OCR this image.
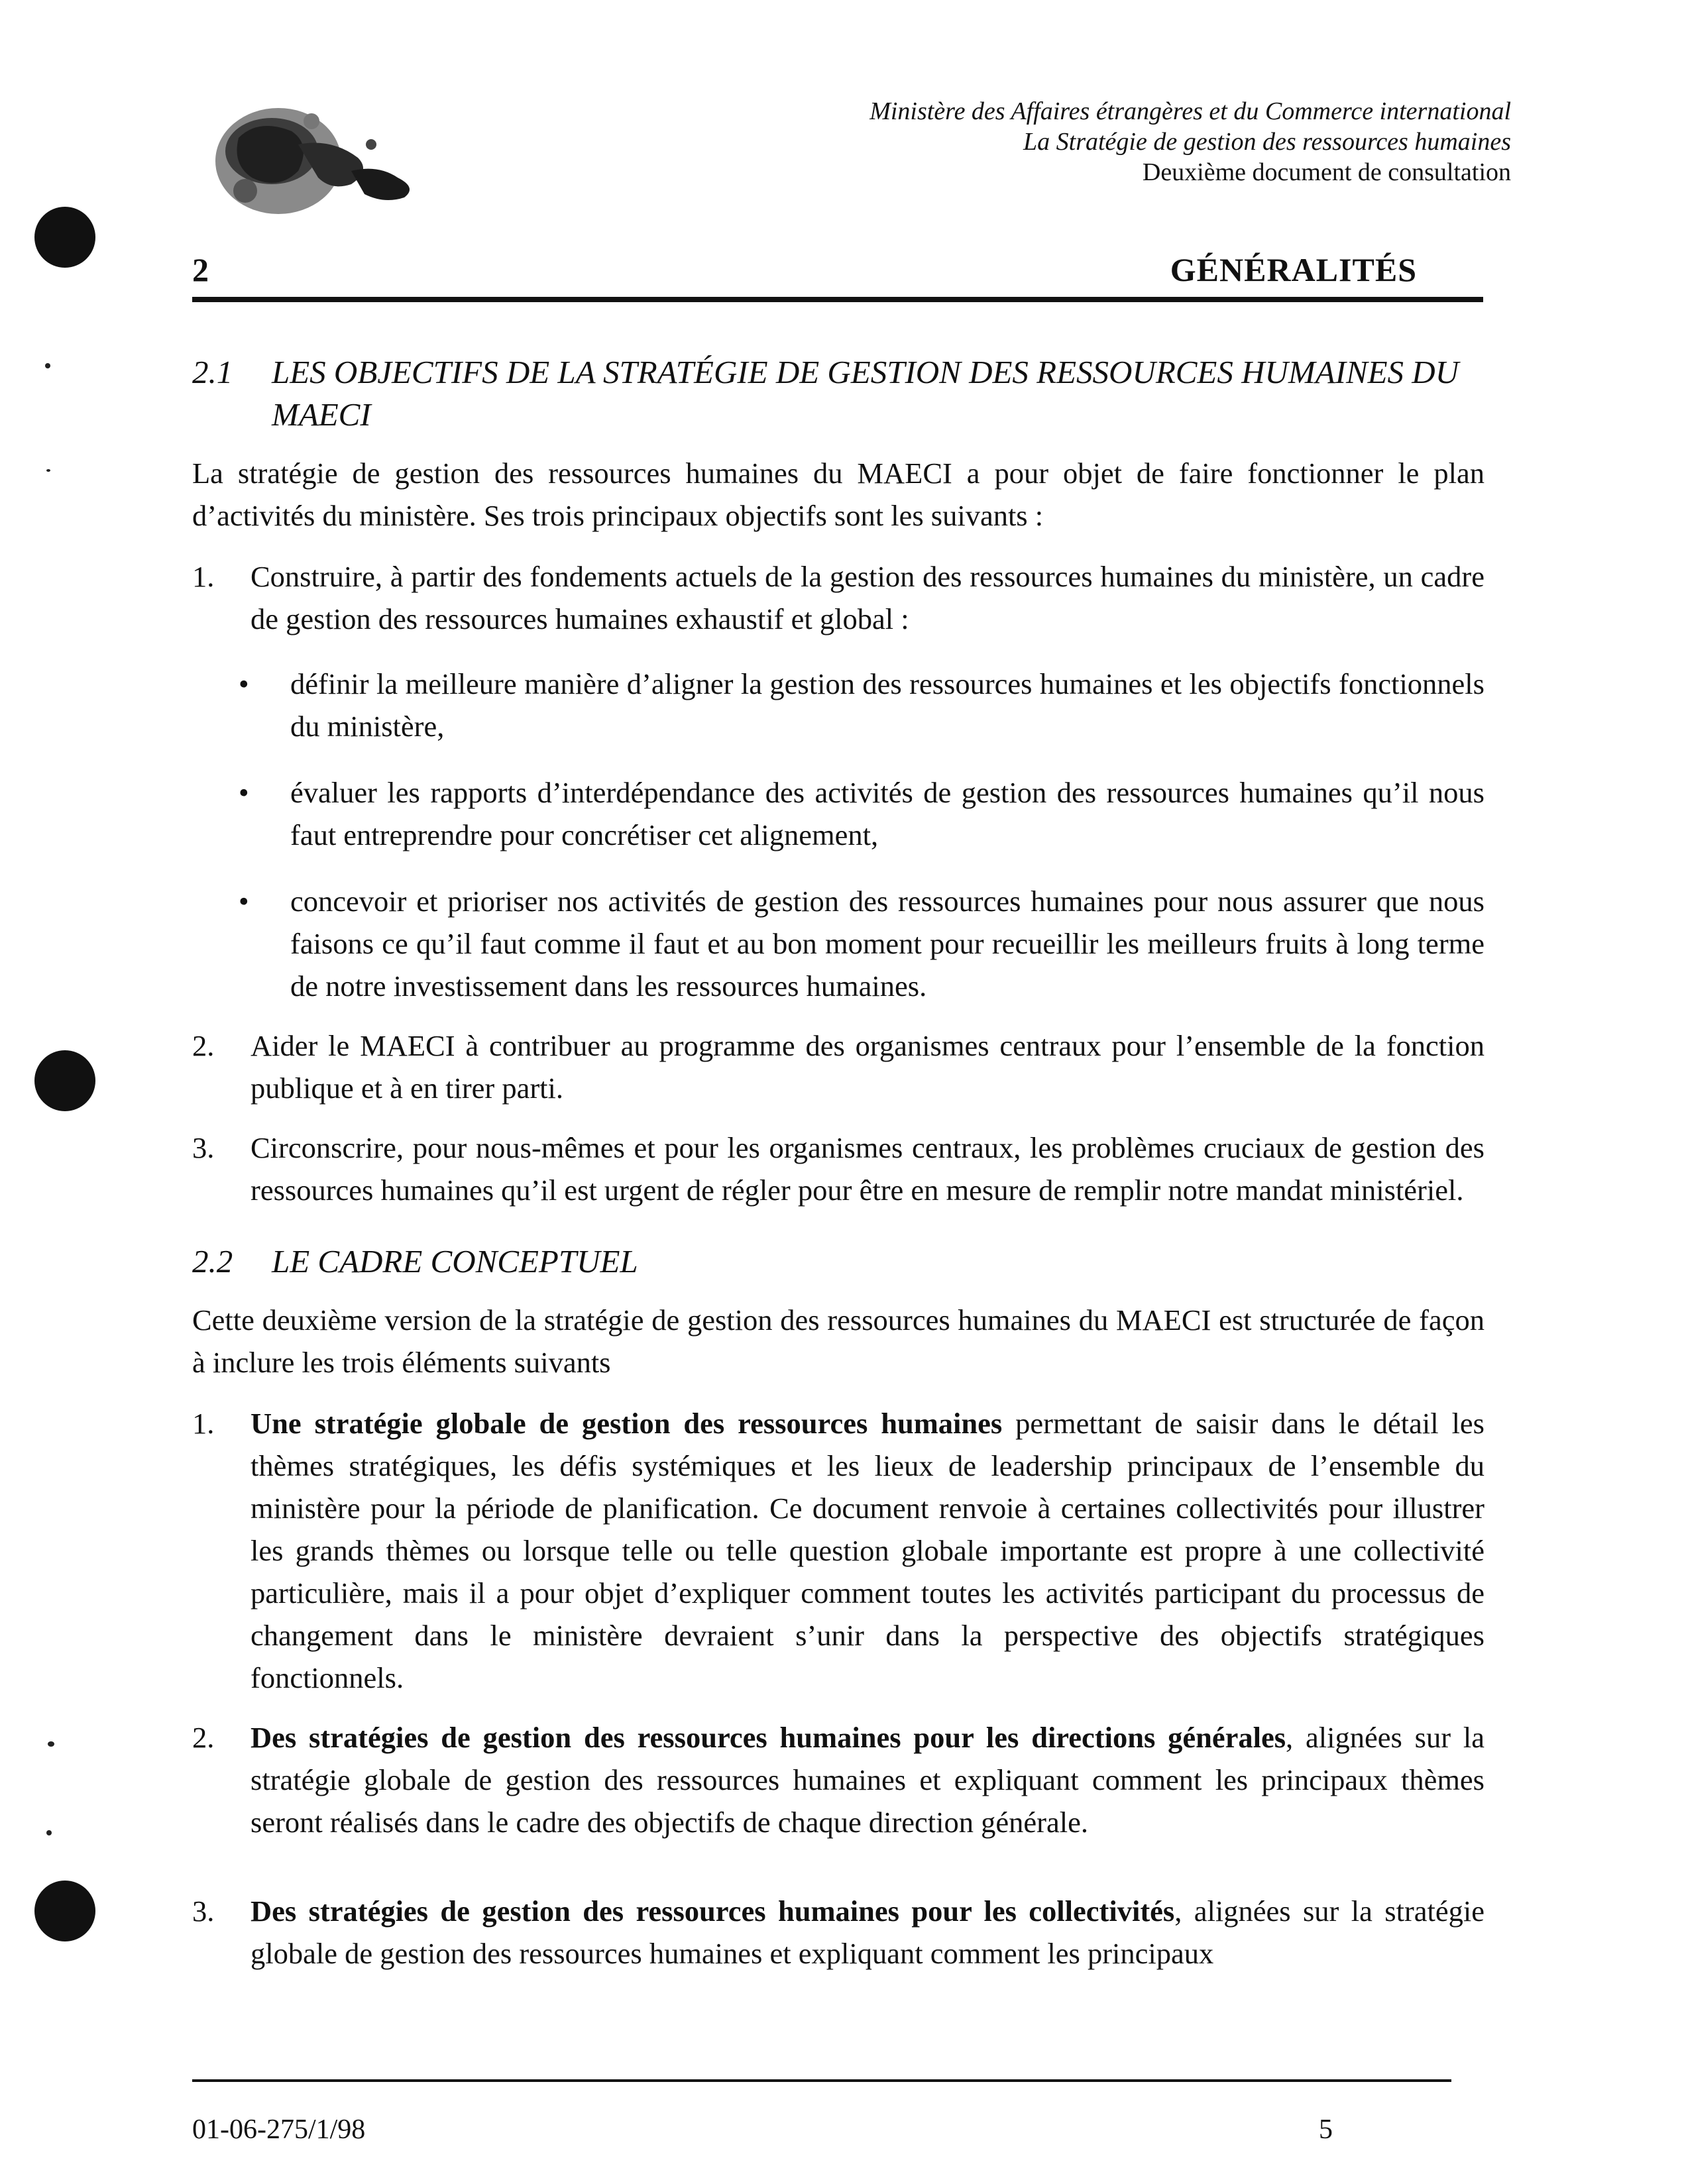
Ministère des Affaires étrangères et du Commerce international
La Stratégie de gestion des ressources humaines
Deuxième document de consultation
2	GÉNÉRALITÉS
2.1 LES OBJECTIFS DE LA STRATÉGIE DE GESTION DES RESSOURCES HUMAINES DU
MAECI

La stratégie de gestion des ressources humaines du MAECI a pour objet de faire fonctionner le plan d’activités du ministère. Ses trois principaux objectifs sont les suivants :

1. Construire, à partir des fondements actuels de la gestion des ressources humaines du ministère, un cadre de gestion des ressources humaines exhaustif et global :
• définir la meilleure manière d’aligner la gestion des ressources humaines et les objectifs fonctionnels du ministère,
• évaluer les rapports d’interdépendance des activités de gestion des ressources humaines qu’il nous faut entreprendre pour concrétiser cet alignement,
• concevoir et prioriser nos activités de gestion des ressources humaines pour nous assurer que nous faisons ce qu’il faut comme il faut et au bon moment pour recueillir les meilleurs fruits à long terme de notre investissement dans les ressources humaines.
2. Aider le MAECI à contribuer au programme des organismes centraux pour l’ensemble de la fonction publique et à en tirer parti.
3. Circonscrire, pour nous-mêmes et pour les organismes centraux, les problèmes cruciaux de gestion des ressources humaines qu’il est urgent de régler pour être en mesure de remplir notre mandat ministériel.
2.2 LE CADRE CONCEPTUEL

Cette deuxième version de la stratégie de gestion des ressources humaines du MAECI est structurée de façon à inclure les trois éléments suivants

1. Une stratégie globale de gestion des ressources humaines permettant de saisir dans le détail les thèmes stratégiques, les défis systémiques et les lieux de leadership principaux de l’ensemble du ministère pour la période de planification. Ce document renvoie à certaines collectivités pour illustrer les grands thèmes ou lorsque telle ou telle question globale importante est propre à une collectivité particulière, mais il a pour objet d’expliquer comment toutes les activités participant du processus de changement dans le ministère devraient s’unir dans la perspective des objectifs stratégiques fonctionnels.
2. Des stratégies de gestion des ressources humaines pour les directions générales, alignées sur la stratégie globale de gestion des ressources humaines et expliquant comment les principaux thèmes seront réalisés dans le cadre des objectifs de chaque direction générale.
3. Des stratégies de gestion des ressources humaines pour les collectivités, alignées sur la stratégie globale de gestion des ressources humaines et expliquant comment les principaux
01-06-275/1/98	5
